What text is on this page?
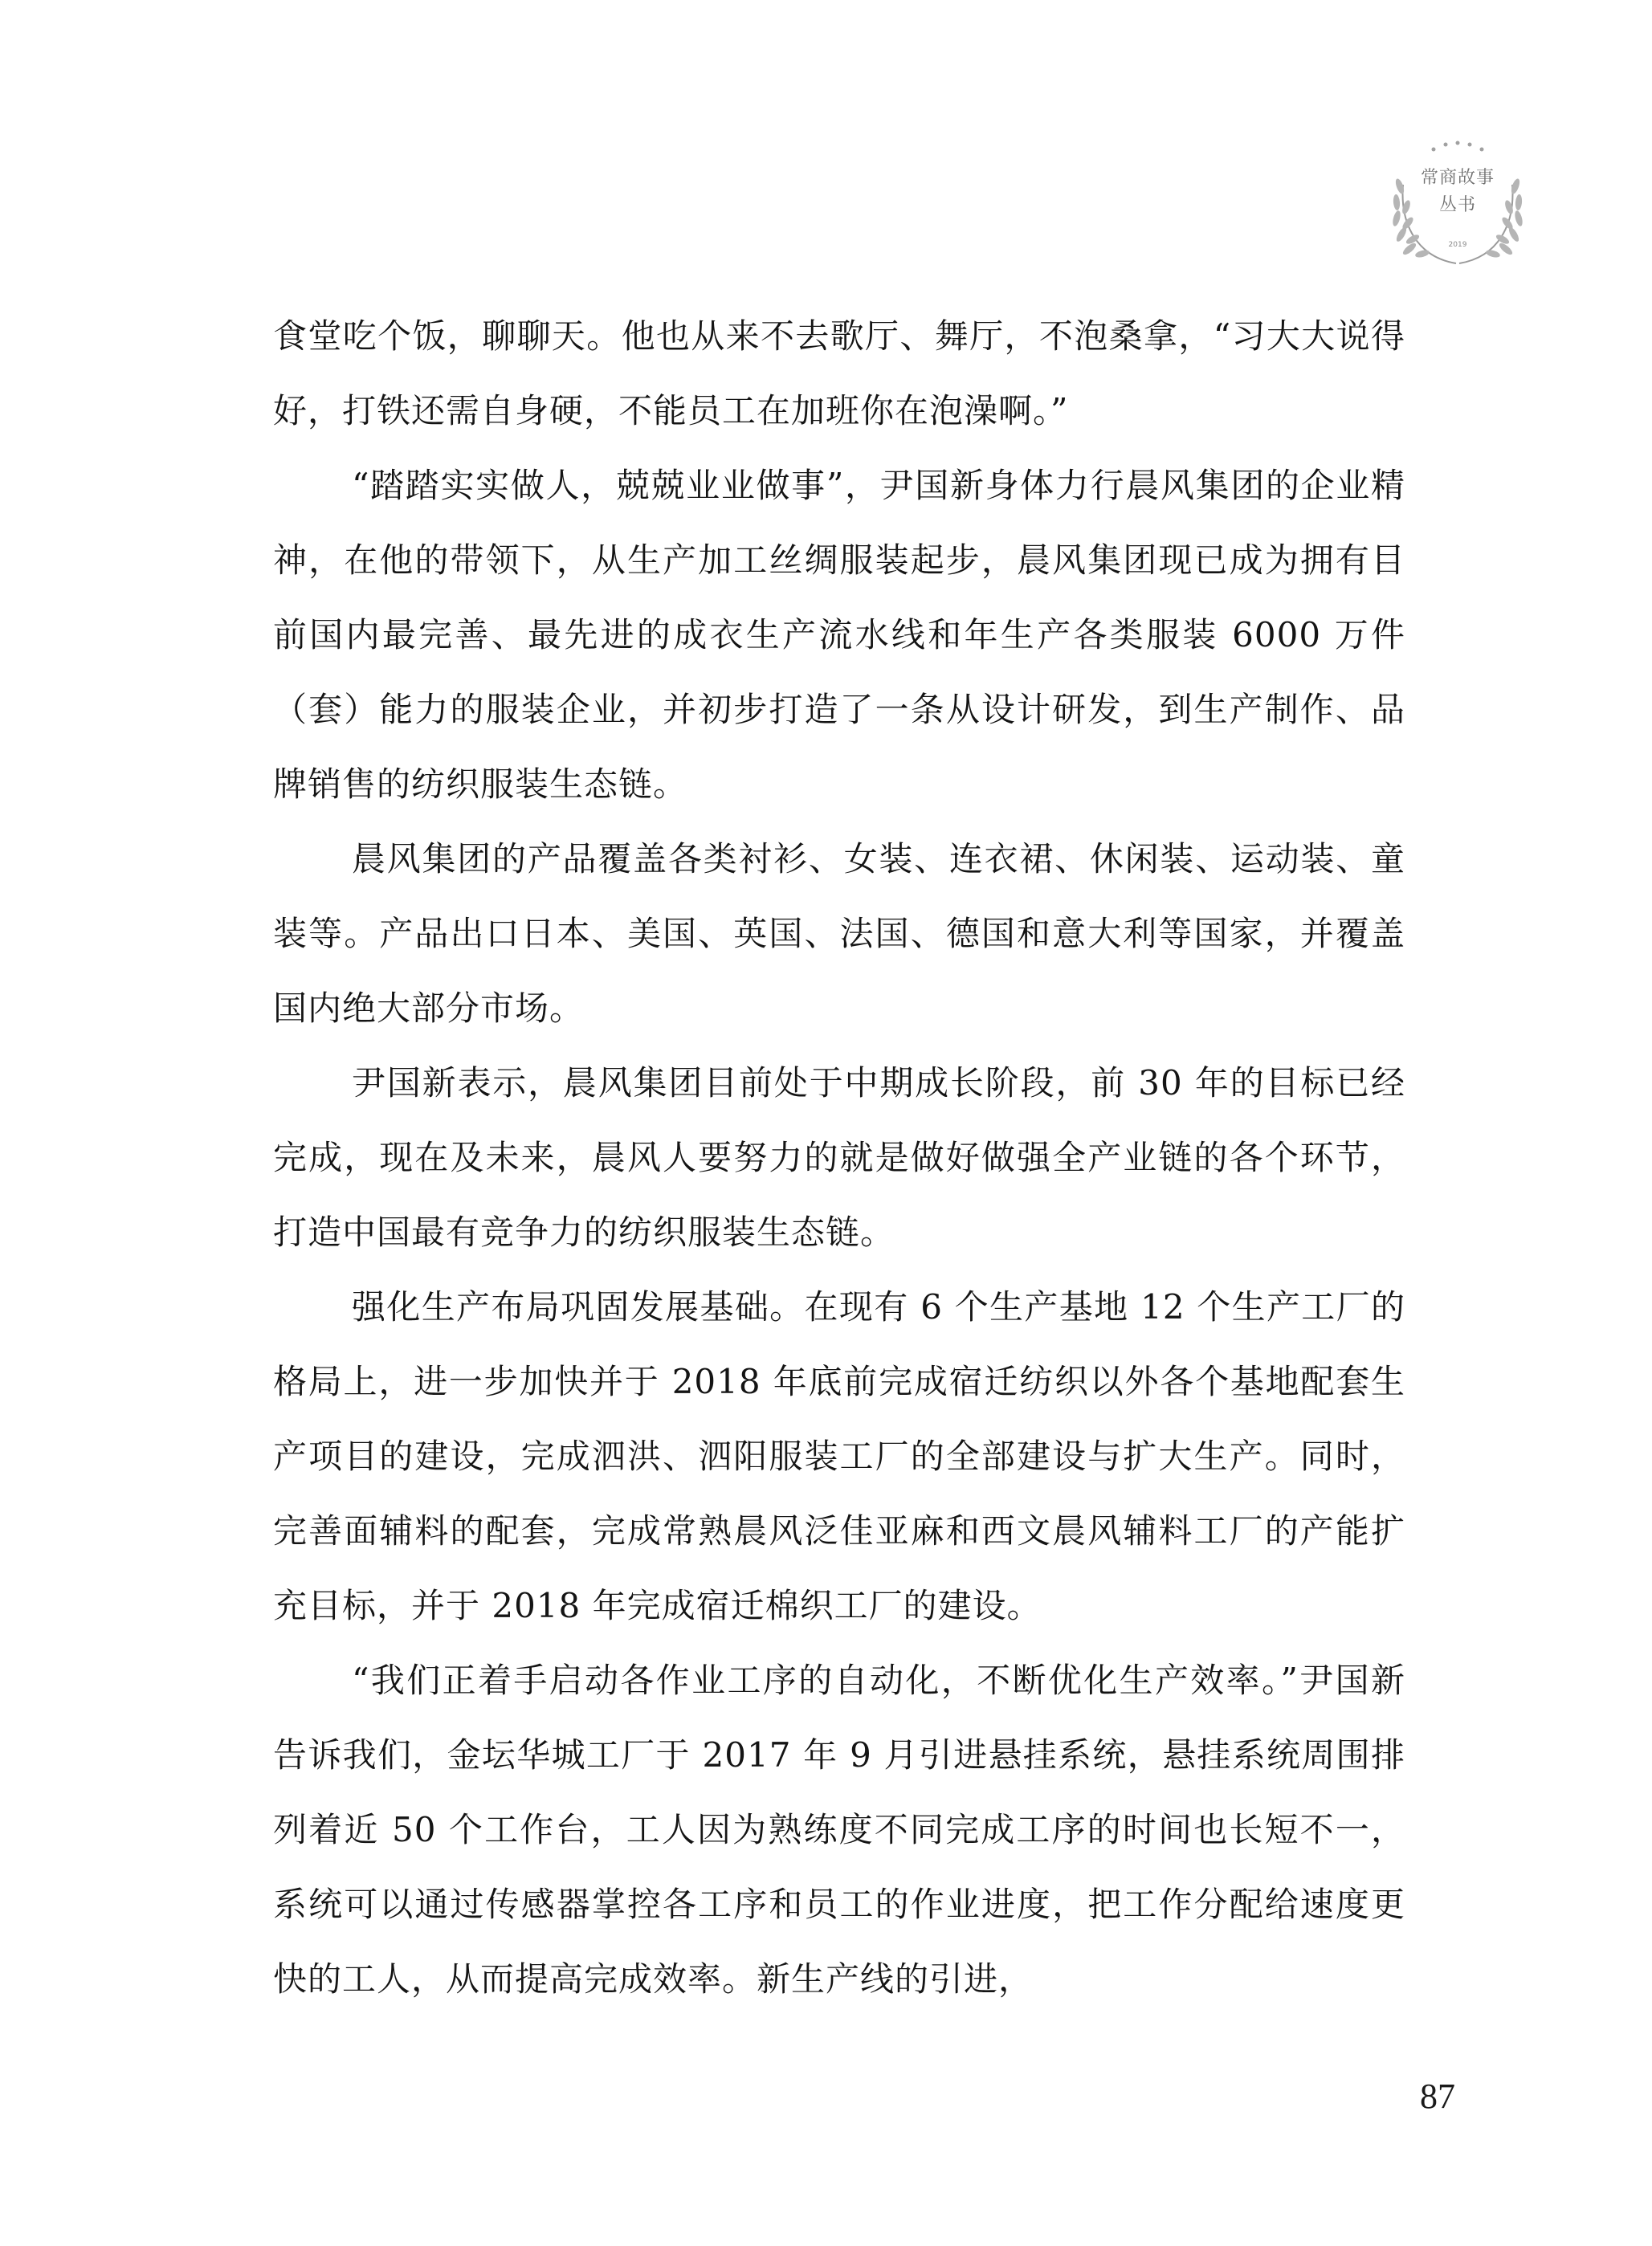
常商故事
丛书
2019

食堂吃个饭，聊聊天。他也从来不去歌厅、舞厅，不泡桑拿，“习大大说得好，打铁还需自身硬，不能员工在加班你在泡澡啊。”

“踏踏实实做人，兢兢业业做事”，尹国新身体力行晨风集团的企业精神，在他的带领下，从生产加工丝绸服装起步，晨风集团现已成为拥有目前国内最完善、最先进的成衣生产流水线和年生产各类服装 6000 万件（套）能力的服装企业，并初步打造了一条从设计研发，到生产制作、品牌销售的纺织服装生态链。

晨风集团的产品覆盖各类衬衫、女装、连衣裙、休闲装、运动装、童装等。产品出口日本、美国、英国、法国、德国和意大利等国家，并覆盖国内绝大部分市场。

尹国新表示，晨风集团目前处于中期成长阶段，前 30 年的目标已经完成，现在及未来，晨风人要努力的就是做好做强全产业链的各个环节，打造中国最有竞争力的纺织服装生态链。

强化生产布局巩固发展基础。在现有 6 个生产基地 12 个生产工厂的格局上，进一步加快并于 2018 年底前完成宿迁纺织以外各个基地配套生产项目的建设，完成泗洪、泗阳服装工厂的全部建设与扩大生产。同时，完善面辅料的配套，完成常熟晨风泛佳亚麻和西文晨风辅料工厂的产能扩充目标，并于 2018 年完成宿迁棉织工厂的建设。

“我们正着手启动各作业工序的自动化，不断优化生产效率。”尹国新告诉我们，金坛华城工厂于 2017 年 9 月引进悬挂系统，悬挂系统周围排列着近 50 个工作台，工人因为熟练度不同完成工序的时间也长短不一，系统可以通过传感器掌控各工序和员工的作业进度，把工作分配给速度更快的工人，从而提高完成效率。新生产线的引进，

87
